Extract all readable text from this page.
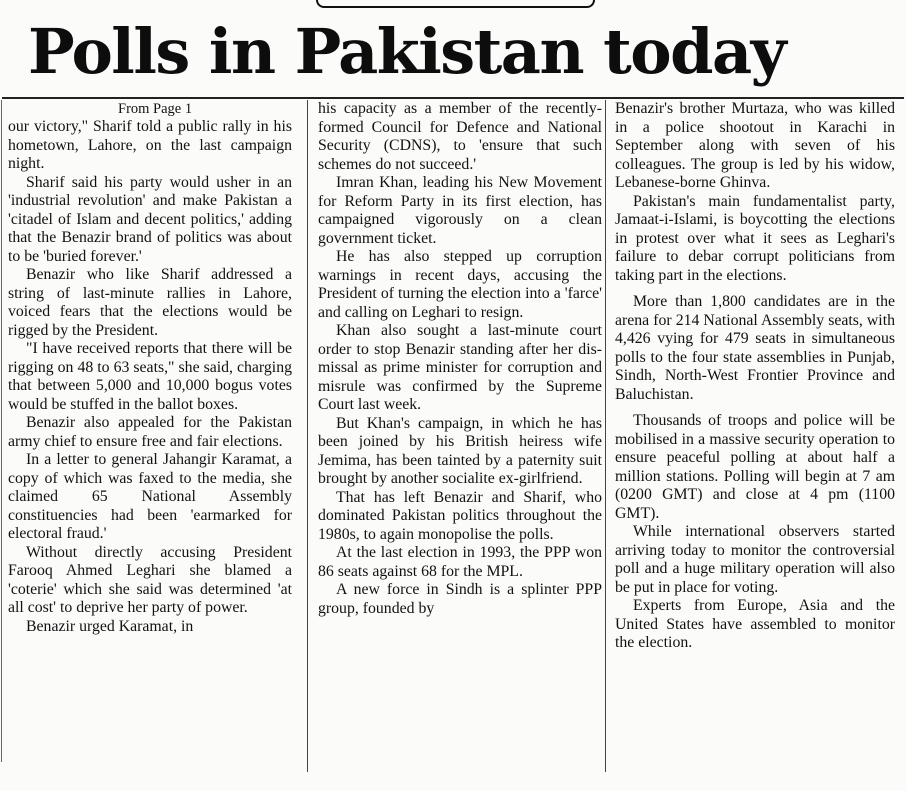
Polls in Pakistan today

From Page 1

our victory," Sharif told a public rally in his hometown, Lahore, on the last campaign night.

Sharif said his party would usher in an 'industrial revolution' and make Pakistan a 'citadel of Islam and decent politics,' adding that the Benazir brand of politics was about to be 'buried forever.'

Benazir who like Sharif addressed a string of last-minute rallies in Lahore, voiced fears that the elections would be rigged by the President.

"I have received reports that there will be rigging on 48 to 63 seats," she said, charging that between 5,000 and 10,000 bogus votes would be stuffed in the ballot boxes.

Benazir also appealed for the Pakistan army chief to ensure free and fair elections.

In a letter to general Jahangir Karamat, a copy of which was faxed to the media, she claimed 65 National Assembly constituencies had been 'earmarked for electoral fraud.'

Without directly accusing President Farooq Ahmed Leghari she blamed a 'coterie' which she said was determined 'at all cost' to deprive her party of power.

Benazir urged Karamat, in

his capacity as a member of the recently-formed Council for Defence and National Security (CDNS), to 'ensure that such schemes do not succeed.'

Imran Khan, leading his New Movement for Reform Party in its first election, has campaigned vigorously on a clean government ticket.

He has also stepped up corruption warnings in recent days, accusing the President of turning the election into a 'farce' and calling on Leghari to resign.

Khan also sought a last-minute court order to stop Benazir standing after her dismissal as prime minister for corruption and misrule was confirmed by the Supreme Court last week.

But Khan's campaign, in which he has been joined by his British heiress wife Jemima, has been tainted by a paternity suit brought by another socialite ex-girlfriend.

That has left Benazir and Sharif, who dominated Pakistan politics throughout the 1980s, to again monopolise the polls.

At the last election in 1993, the PPP won 86 seats against 68 for the MPL.

A new force in Sindh is a splinter PPP group, founded by

Benazir's brother Murtaza, who was killed in a police shootout in Karachi in September along with seven of his colleagues. The group is led by his widow, Lebanese-borne Ghinva.

Pakistan's main fundamentalist party, Jamaat-i-Islami, is boycotting the elections in protest over what it sees as Leghari's failure to debar corrupt politicians from taking part in the elections.

More than 1,800 candidates are in the arena for 214 National Assembly seats, with 4,426 vying for 479 seats in simultaneous polls to the four state assemblies in Punjab, Sindh, North-West Frontier Province and Baluchistan.

Thousands of troops and police will be mobilised in a massive security operation to ensure peaceful polling at about half a million stations. Polling will begin at 7 am (0200 GMT) and close at 4 pm (1100 GMT).

While international observers started arriving today to monitor the controversial poll and a huge military operation will also be put in place for voting.

Experts from Europe, Asia and the United States have assembled to monitor the election.
